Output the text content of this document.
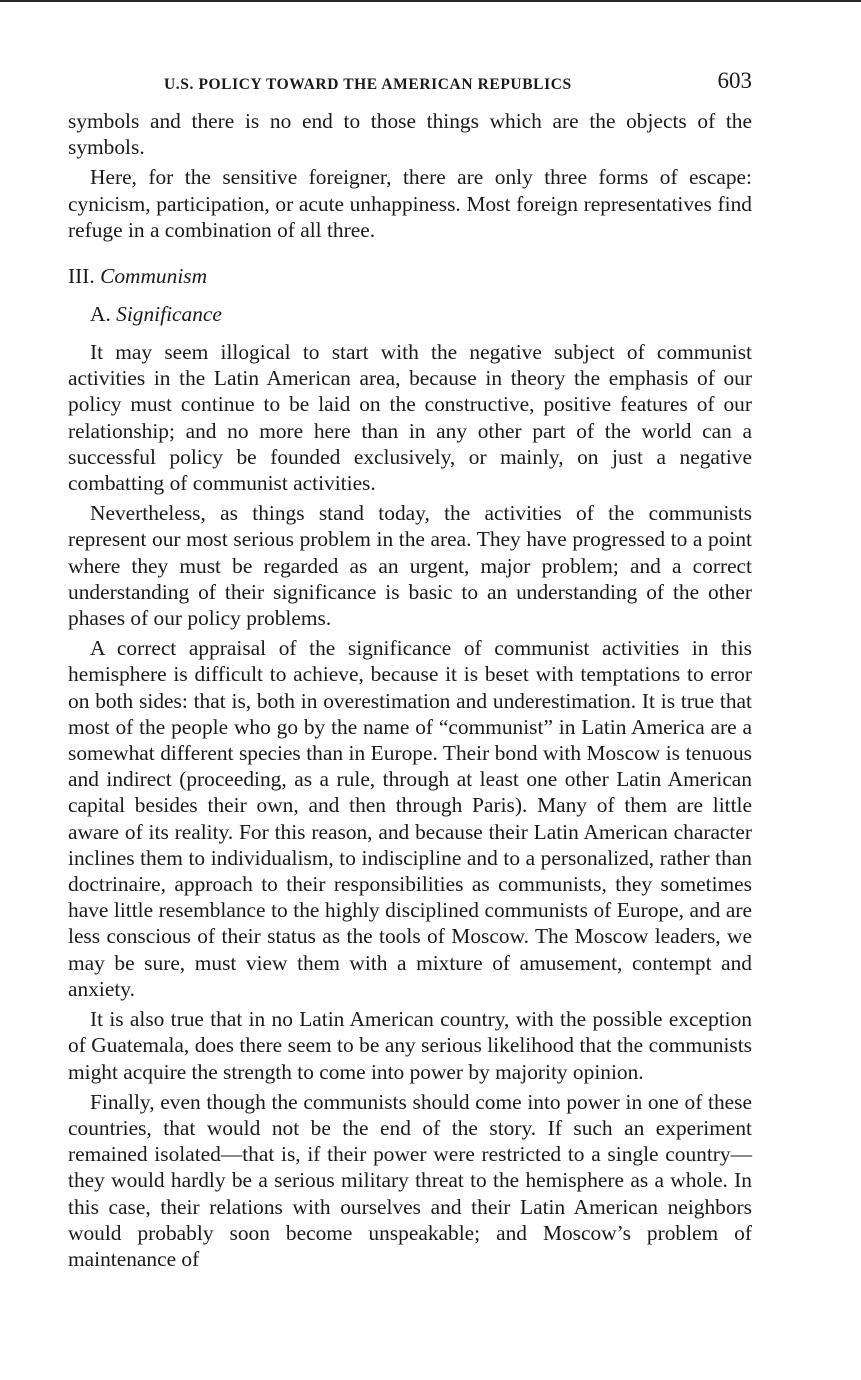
U.S. POLICY TOWARD THE AMERICAN REPUBLICS	603

symbols and there is no end to those things which are the objects of the symbols.

Here, for the sensitive foreigner, there are only three forms of escape: cynicism, participation, or acute unhappiness. Most foreign representatives find refuge in a combination of all three.

III. Communism
A. Significance

It may seem illogical to start with the negative subject of communist activities in the Latin American area, because in theory the emphasis of our policy must continue to be laid on the constructive, positive features of our relationship; and no more here than in any other part of the world can a successful policy be founded exclusively, or mainly, on just a negative combatting of communist activities.

Nevertheless, as things stand today, the activities of the communists represent our most serious problem in the area. They have progressed to a point where they must be regarded as an urgent, major problem; and a correct understanding of their significance is basic to an understanding of the other phases of our policy problems.

A correct appraisal of the significance of communist activities in this hemisphere is difficult to achieve, because it is beset with temptations to error on both sides: that is, both in overestimation and underestimation. It is true that most of the people who go by the name of “communist” in Latin America are a somewhat different species than in Europe. Their bond with Moscow is tenuous and indirect (proceeding, as a rule, through at least one other Latin American capital besides their own, and then through Paris). Many of them are little aware of its reality. For this reason, and because their Latin American character inclines them to individualism, to indiscipline and to a personalized, rather than doctrinaire, approach to their responsibilities as communists, they sometimes have little resemblance to the highly disciplined communists of Europe, and are less conscious of their status as the tools of Moscow. The Moscow leaders, we may be sure, must view them with a mixture of amusement, contempt and anxiety.

It is also true that in no Latin American country, with the possible exception of Guatemala, does there seem to be any serious likelihood that the communists might acquire the strength to come into power by majority opinion.

Finally, even though the communists should come into power in one of these countries, that would not be the end of the story. If such an experiment remained isolated—that is, if their power were restricted to a single country—they would hardly be a serious military threat to the hemisphere as a whole. In this case, their relations with ourselves and their Latin American neighbors would probably soon become unspeakable; and Moscow’s problem of maintenance of
